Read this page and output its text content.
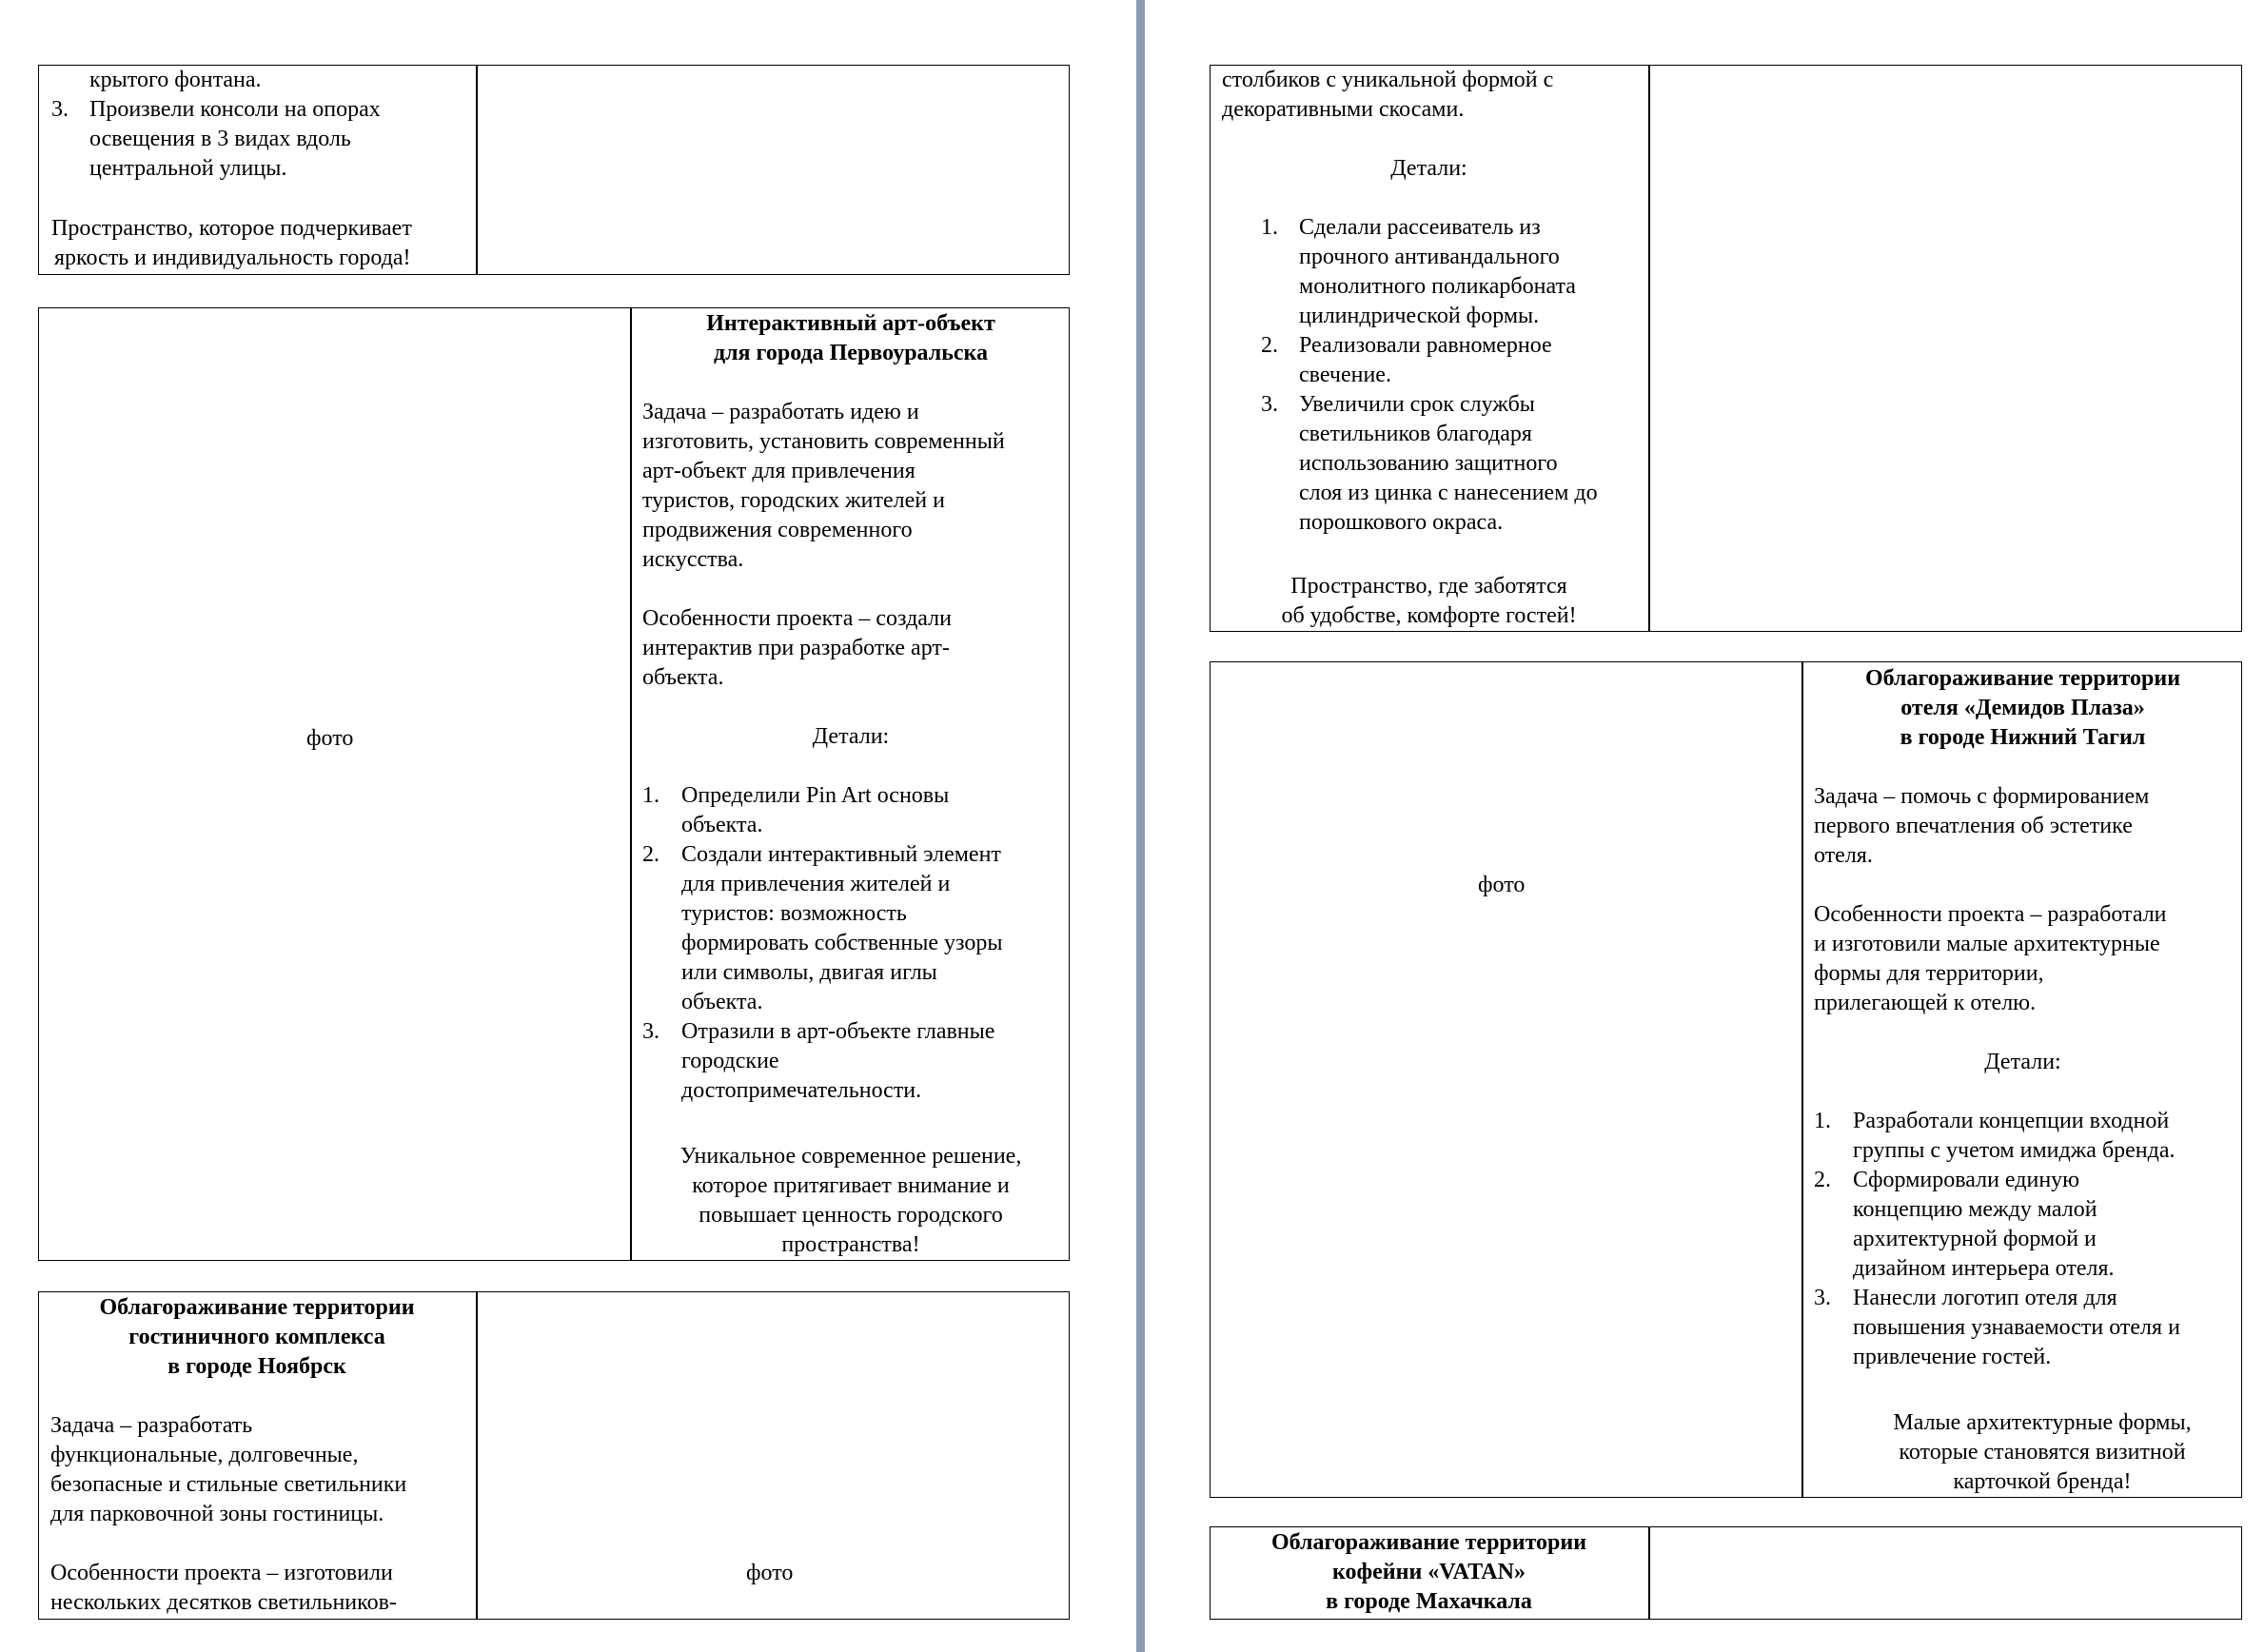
крытого фонтана.
3. Произвели консоли на опорах
освещения в 3 видах вдоль
центральной улицы.
Пространство, которое подчеркивает
яркость и индивидуальность города!
фото
Интерактивный арт-объект
для города Первоуральска
Задача – разработать идею и
изготовить, установить современный
арт-объект для привлечения
туристов, городских жителей и
продвижения современного
искусства.
Особенности проекта – создали
интерактив при разработке арт-
объекта.
Детали:
1. Определили Pin Art основы
объекта.
2. Создали интерактивный элемент
для привлечения жителей и
туристов: возможность
формировать собственные узоры
или символы, двигая иглы
объекта.
3. Отразили в арт-объекте главные
городские
достопримечательности.
Уникальное современное решение,
которое притягивает внимание и
повышает ценность городского
пространства!
Облагораживание территории
гостиничного комплекса
в городе Ноябрск
Задача – разработать
функциональные, долговечные,
безопасные и стильные светильники
для парковочной зоны гостиницы.
Особенности проекта – изготовили
нескольких десятков светильников-
фото
столбиков с уникальной формой с
декоративными скосами.
Детали:
1. Сделали рассеиватель из
прочного антивандального
монолитного поликарбоната
цилиндрической формы.
2. Реализовали равномерное
свечение.
3. Увеличили срок службы
светильников благодаря
использованию защитного
слоя из цинка с нанесением до
порошкового окраса.
Пространство, где заботятся
об удобстве, комфорте гостей!
фото
Облагораживание территории
отеля «Демидов Плаза»
в городе Нижний Тагил
Задача – помочь с формированием
первого впечатления об эстетике
отеля.
Особенности проекта – разработали
и изготовили малые архитектурные
формы для территории,
прилегающей к отелю.
Детали:
1. Разработали концепции входной
группы с учетом имиджа бренда.
2. Сформировали единую
концепцию между малой
архитектурной формой и
дизайном интерьера отеля.
3. Нанесли логотип отеля для
повышения узнаваемости отеля и
привлечение гостей.
Малые архитектурные формы,
которые становятся визитной
карточкой бренда!
Облагораживание территории
кофейни «VATAN»
в городе Махачкала
